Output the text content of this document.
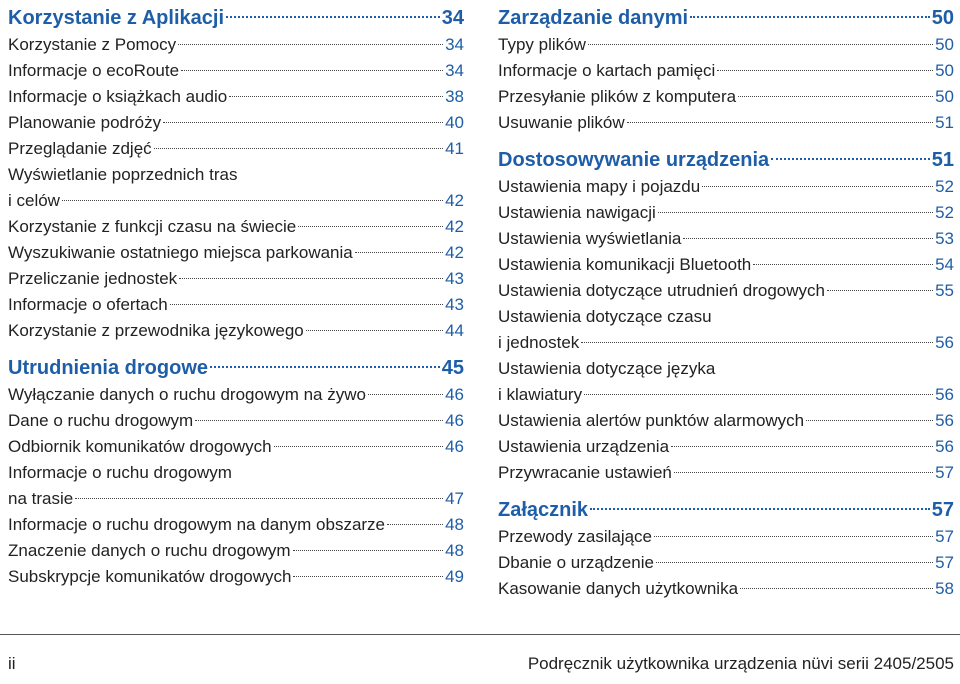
Korzystanie z Aplikacji	34
Korzystanie z Pomocy	34
Informacje o ecoRoute	34
Informacje o książkach audio	38
Planowanie podróży	40
Przeglądanie zdjęć	41
Wyświetlanie poprzednich tras
i celów	42
Korzystanie z funkcji czasu na świecie	42
Wyszukiwanie ostatniego miejsca parkowania	42
Przeliczanie jednostek	43
Informacje o ofertach	43
Korzystanie z przewodnika językowego	44
Utrudnienia drogowe	45
Wyłączanie danych o ruchu drogowym na żywo	46
Dane o ruchu drogowym	46
Odbiornik komunikatów drogowych	46
Informacje o ruchu drogowym
na trasie	47
Informacje o ruchu drogowym na danym obszarze	48
Znaczenie danych o ruchu drogowym	48
Subskrypcje komunikatów drogowych	49
Zarządzanie danymi	50
Typy plików	50
Informacje o kartach pamięci	50
Przesyłanie plików z komputera	50
Usuwanie plików	51
Dostosowywanie urządzenia	51
Ustawienia mapy i pojazdu	52
Ustawienia nawigacji	52
Ustawienia wyświetlania	53
Ustawienia komunikacji Bluetooth	54
Ustawienia dotyczące utrudnień drogowych	55
Ustawienia dotyczące czasu
i jednostek	56
Ustawienia dotyczące języka
i klawiatury	56
Ustawienia alertów punktów alarmowych	56
Ustawienia urządzenia	56
Przywracanie ustawień	57
Załącznik	57
Przewody zasilające	57
Dbanie o urządzenie	57
Kasowanie danych użytkownika	58
ii	Podręcznik użytkownika urządzenia nüvi serii 2405/2505
